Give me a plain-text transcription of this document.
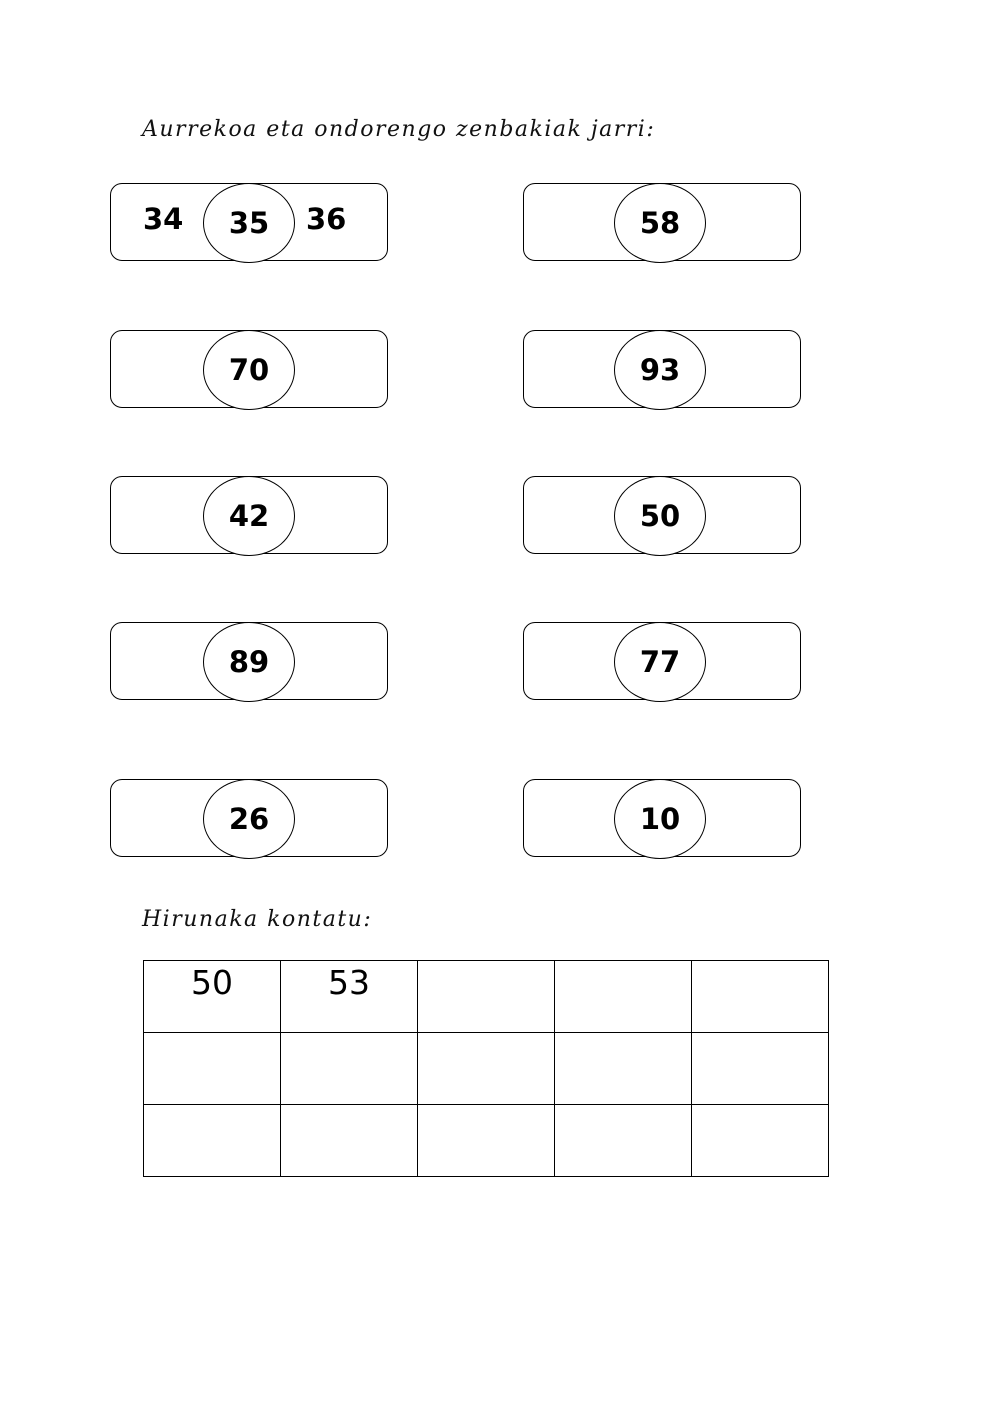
Aurrekoa eta ondorengo zenbakiak jarri:
34	35	36
70
42
89
26
58
93
50
77
10
Hirunaka kontatu:
50	53			
